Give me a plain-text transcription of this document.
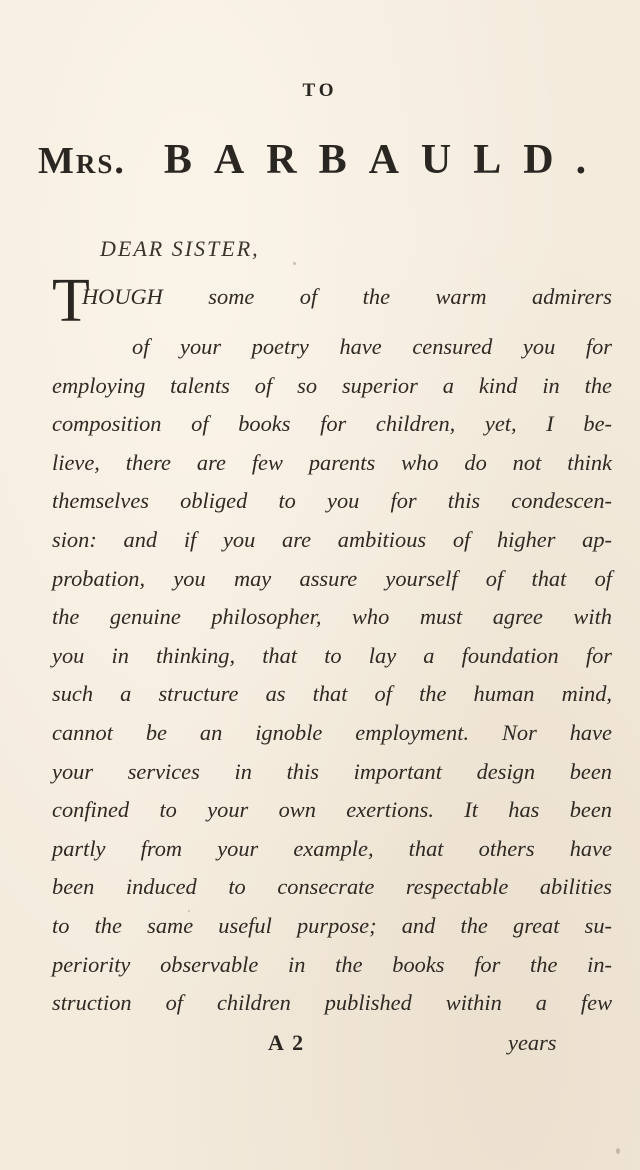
TO
Mrs. BARBAULD.
DEAR SISTER,
T
HOUGH some of the warm admirers
of your poetry have censured you for
employing talents of so superior a kind in the
composition of books for children, yet, I be-
lieve, there are few parents who do not think
themselves obliged to you for this condescen-
sion: and if you are ambitious of higher ap-
probation, you may assure yourself of that of
the genuine philosopher, who must agree with
you in thinking, that to lay a foundation for
such a structure as that of the human mind,
cannot be an ignoble employment. Nor have
your services in this important design been
confined to your own exertions. It has been
partly from your example, that others have
been induced to consecrate respectable abilities
to the same useful purpose; and the great su-
periority observable in the books for the in-
struction of children published within a few
A 2	years
